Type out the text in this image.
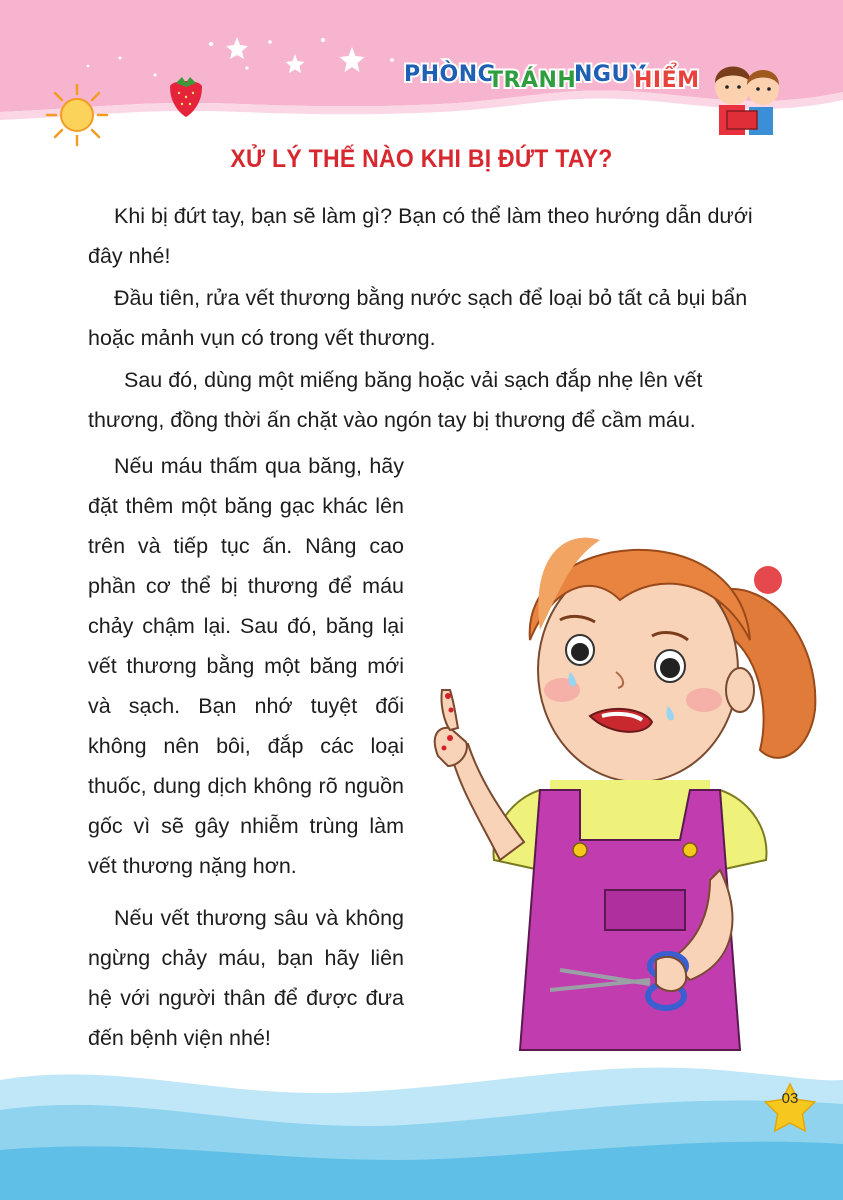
PHÒNG
TRÁNH
NGUY
HIỂM
XỬ LÝ THẾ NÀO KHI BỊ ĐỨT TAY?

Khi bị đứt tay, bạn sẽ làm gì? Bạn có thể làm theo hướng dẫn dưới đây nhé!

Đầu tiên, rửa vết thương bằng nước sạch để loại bỏ tất cả bụi bẩn hoặc mảnh vụn có trong vết thương.

Sau đó, dùng một miếng băng hoặc vải sạch đắp nhẹ lên vết thương, đồng thời ấn chặt vào ngón tay bị thương để cầm máu.

Nếu máu thấm qua băng, hãy đặt thêm một băng gạc khác lên trên và tiếp tục ấn. Nâng cao phần cơ thể bị thương để máu chảy chậm lại. Sau đó, băng lại vết thương bằng một băng mới và sạch. Bạn nhớ tuyệt đối không nên bôi, đắp các loại thuốc, dung dịch không rõ nguồn gốc vì sẽ gây nhiễm trùng làm vết thương nặng hơn.

Nếu vết thương sâu và không ngừng chảy máu, bạn hãy liên hệ với người thân để được đưa đến bệnh viện nhé!

03
